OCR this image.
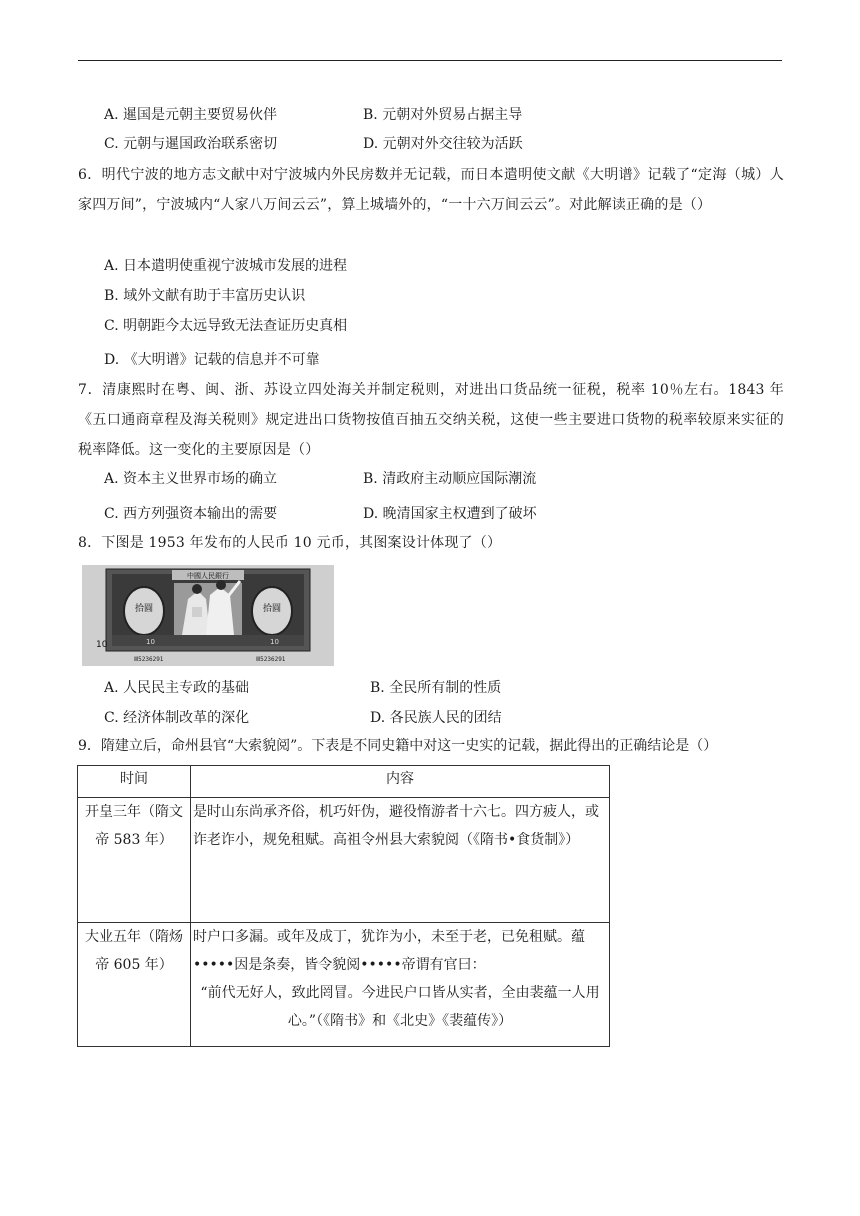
A. 暹国是元朝主要贸易伙伴	B. 元朝对外贸易占据主导
C. 元朝与暹国政治联系密切	D. 元朝对外交往较为活跃
6．明代宁波的地方志文献中对宁波城内外民房数并无记载，而日本遣明使文献《大明谱》记载了“定海（城）人家四万间”，宁波城内“人家八万间云云”，算上城墙外的，“一十六万间云云”。对此解读正确的是（）
A. 日本遣明使重视宁波城市发展的进程
B. 域外文献有助于丰富历史认识
C. 明朝距今太远导致无法查证历史真相
D. 《大明谱》记载的信息并不可靠
7．清康熙时在粤、闽、浙、苏设立四处海关并制定税则，对进出口货品统一征税，税率 10％左右。1843 年《五口通商章程及海关税则》规定进出口货物按值百抽五交纳关税，这使一些主要进口货物的税率较原来实征的税率降低。这一变化的主要原因是（）
A. 资本主义世界市场的确立	B. 清政府主动顺应国际潮流
C. 西方列强资本输出的需要	D. 晚清国家主权遭到了破坏
8．下图是 1953 年发布的人民币 10 元币，其图案设计体现了（）
中國人民銀行
拾圓	拾圓
10	10	10
Ⅲ5236291	Ⅲ5236291
A. 人民民主专政的基础	B. 全民所有制的性质
C. 经济体制改革的深化	D. 各民族人民的团结
9．隋建立后，命州县官“大索貌阅”。下表是不同史籍中对这一史实的记载，据此得出的正确结论是（）
时间	内容
开皇三年（隋文帝 583 年）	是时山东尚承齐俗，机巧奸伪，避役惰游者十六七。四方疲人，或诈老诈小，规免租赋。高祖令州县大索貌阅（《隋书•食货制》）
大业五年（隋炀帝 605 年）	时户口多漏。或年及成丁，犹诈为小，未至于老，已免租赋。蕴•••••因是条奏，皆令貌阅•••••帝谓有官曰：
“前代无好人，致此罔冒。今进民户口皆从实者，全由裴蕴一人用心。”（《隋书》和《北史》《裴蕴传》）
